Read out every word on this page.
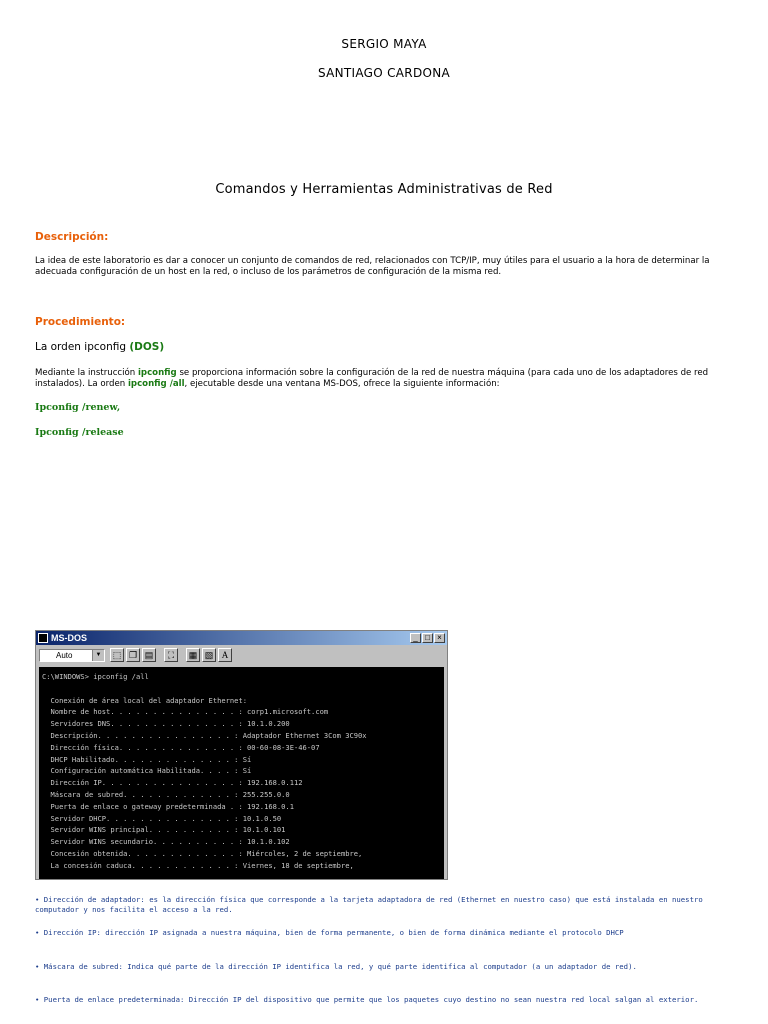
SERGIO MAYA
SANTIAGO CARDONA
Comandos y Herramientas Administrativas de Red
Descripción:
La idea de este laboratorio es dar a conocer un conjunto de comandos de red, relacionados con TCP/IP, muy útiles para el usuario a la hora de determinar la adecuada configuración de un host en la red, o incluso de los parámetros de configuración de la misma red.
Procedimiento:
La orden ipconfig (DOS)
Mediante la instrucción ipconfig se proporciona información sobre la configuración de la red de nuestra máquina (para cada uno de los adaptadores de red instalados). La orden ipconfig /all, ejecutable desde una ventana MS-DOS, ofrece la siguiente información:
Ipconfig /renew,
Ipconfig /release
MS-DOS	_ □ ×
Auto	▼	⬚ ❐ ▤	⛶	▦ ▧ A
C:\WINDOWS> ipconfig /all
Conexión de área local del adaptador Ethernet:
Nombre de host. . . . . . . . . . . . . . . : corp1.microsoft.com
Servidores DNS. . . . . . . . . . . . . . . : 10.1.0.200
Descripción. . . . . . . . . . . . . . . . : Adaptador Ethernet 3Com 3C90x
Dirección física. . . . . . . . . . . . . . : 00-60-08-3E-46-07
DHCP Habilitado. . . . . . . . . . . . . . : Sí
Configuración automática Habilitada. . . . : Sí
Dirección IP. . . . . . . . . . . . . . . . : 192.168.0.112
Máscara de subred. . . . . . . . . . . . . : 255.255.0.0
Puerta de enlace o gateway predeterminada . : 192.168.0.1
Servidor DHCP. . . . . . . . . . . . . . . : 10.1.0.50
Servidor WINS principal. . . . . . . . . . : 10.1.0.101
Servidor WINS secundario. . . . . . . . . . : 10.1.0.102
Concesión obtenida. . . . . . . . . . . . . : Miércoles, 2 de septiembre,
La concesión caduca. . . . . . . . . . . . : Viernes, 18 de septiembre,
• Dirección de adaptador: es la dirección física que corresponde a la tarjeta adaptadora de red (Ethernet en nuestro caso) que está instalada en nuestro computador y nos facilita el acceso a la red.
• Dirección IP: dirección IP asignada a nuestra máquina, bien de forma permanente, o bien de forma dinámica mediante el protocolo DHCP
• Máscara de subred: Indica qué parte de la dirección IP identifica la red, y qué parte identifica al computador (a un adaptador de red).
• Puerta de enlace predeterminada: Dirección IP del dispositivo que permite que los paquetes cuyo destino no sean nuestra red local salgan al exterior.
